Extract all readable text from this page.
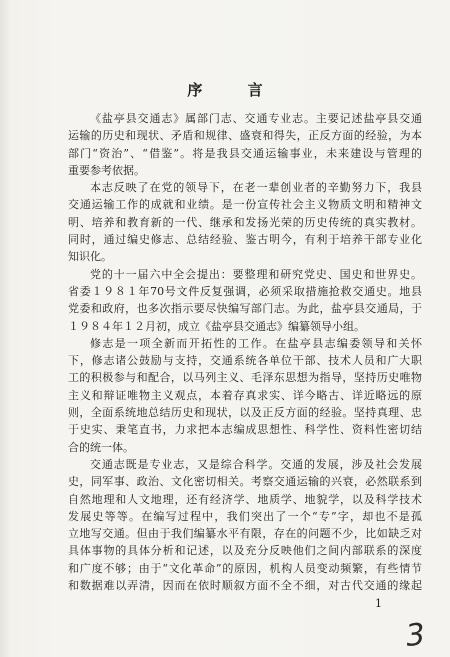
序 言
《盐亭县交通志》属部门志、交通专业志。主要记述盐亭县交通
运输的历史和现状、矛盾和规律、盛衰和得失，正反方面的经验，为本
部门“资治”、“借鉴”。将是我县交通运输事业，未来建设与管理的
重要参考依据。
本志反映了在党的领导下，在老一辈创业者的辛勤努力下，我县
交通运输工作的成就和业绩。是一份宣传社会主义物质文明和精神文
明、培养和教育新的一代、继承和发扬光荣的历史传统的真实教材。
同时，通过编史修志、总结经验、鉴古明今，有利于培养干部专业化
知识化。
党的十一届六中全会提出：要整理和研究党史、国史和世界史。
省委１９８１年70号文件反复强调，必须采取措施抢救交通史。地县
党委和政府，也多次指示要尽快编写部门志。为此，盐亭县交通局，于
１９８４年１２月初，成立《盐亭县交通志》编纂领导小组。
修志是一项全新而开拓性的工作。在盐亭县志编委领导和关怀
下，修志诸公鼓励与支持，交通系统各单位干部、技术人员和广大职
工的积极参与和配合，以马列主义、毛泽东思想为指导，坚持历史唯物
主义和辩证唯物主义观点，本着存真求实、详今略古、详近略远的原
则，全面系统地总结历史和现状，以及正反方面的经验。坚持真理、忠
于史实、秉笔直书，力求把本志编成思想性、科学性、资料性密切结
合的统一体。
交通志既是专业志，又是综合科学。交通的发展，涉及社会发展
史，同军事、政治、文化密切相关。考察交通运输的兴衰，必然联系到
自然地理和人文地理，还有经济学、地质学、地貌学，以及科学技术
发展史等等。在编写过程中，我们突出了一个“专”字，却也不是孤
立地写交通。但由于我们编纂水平有限，存在的问题不少，比如缺乏对
具体事物的具体分析和记述，以及充分反映他们之间内部联系的深度
和广度不够；由于“文化革命”的原因，机构人员变动频繁，有些情节
和数据难以弄清，因而在依时顺叙方面不全不细，对古代交通的缘起
1
3
